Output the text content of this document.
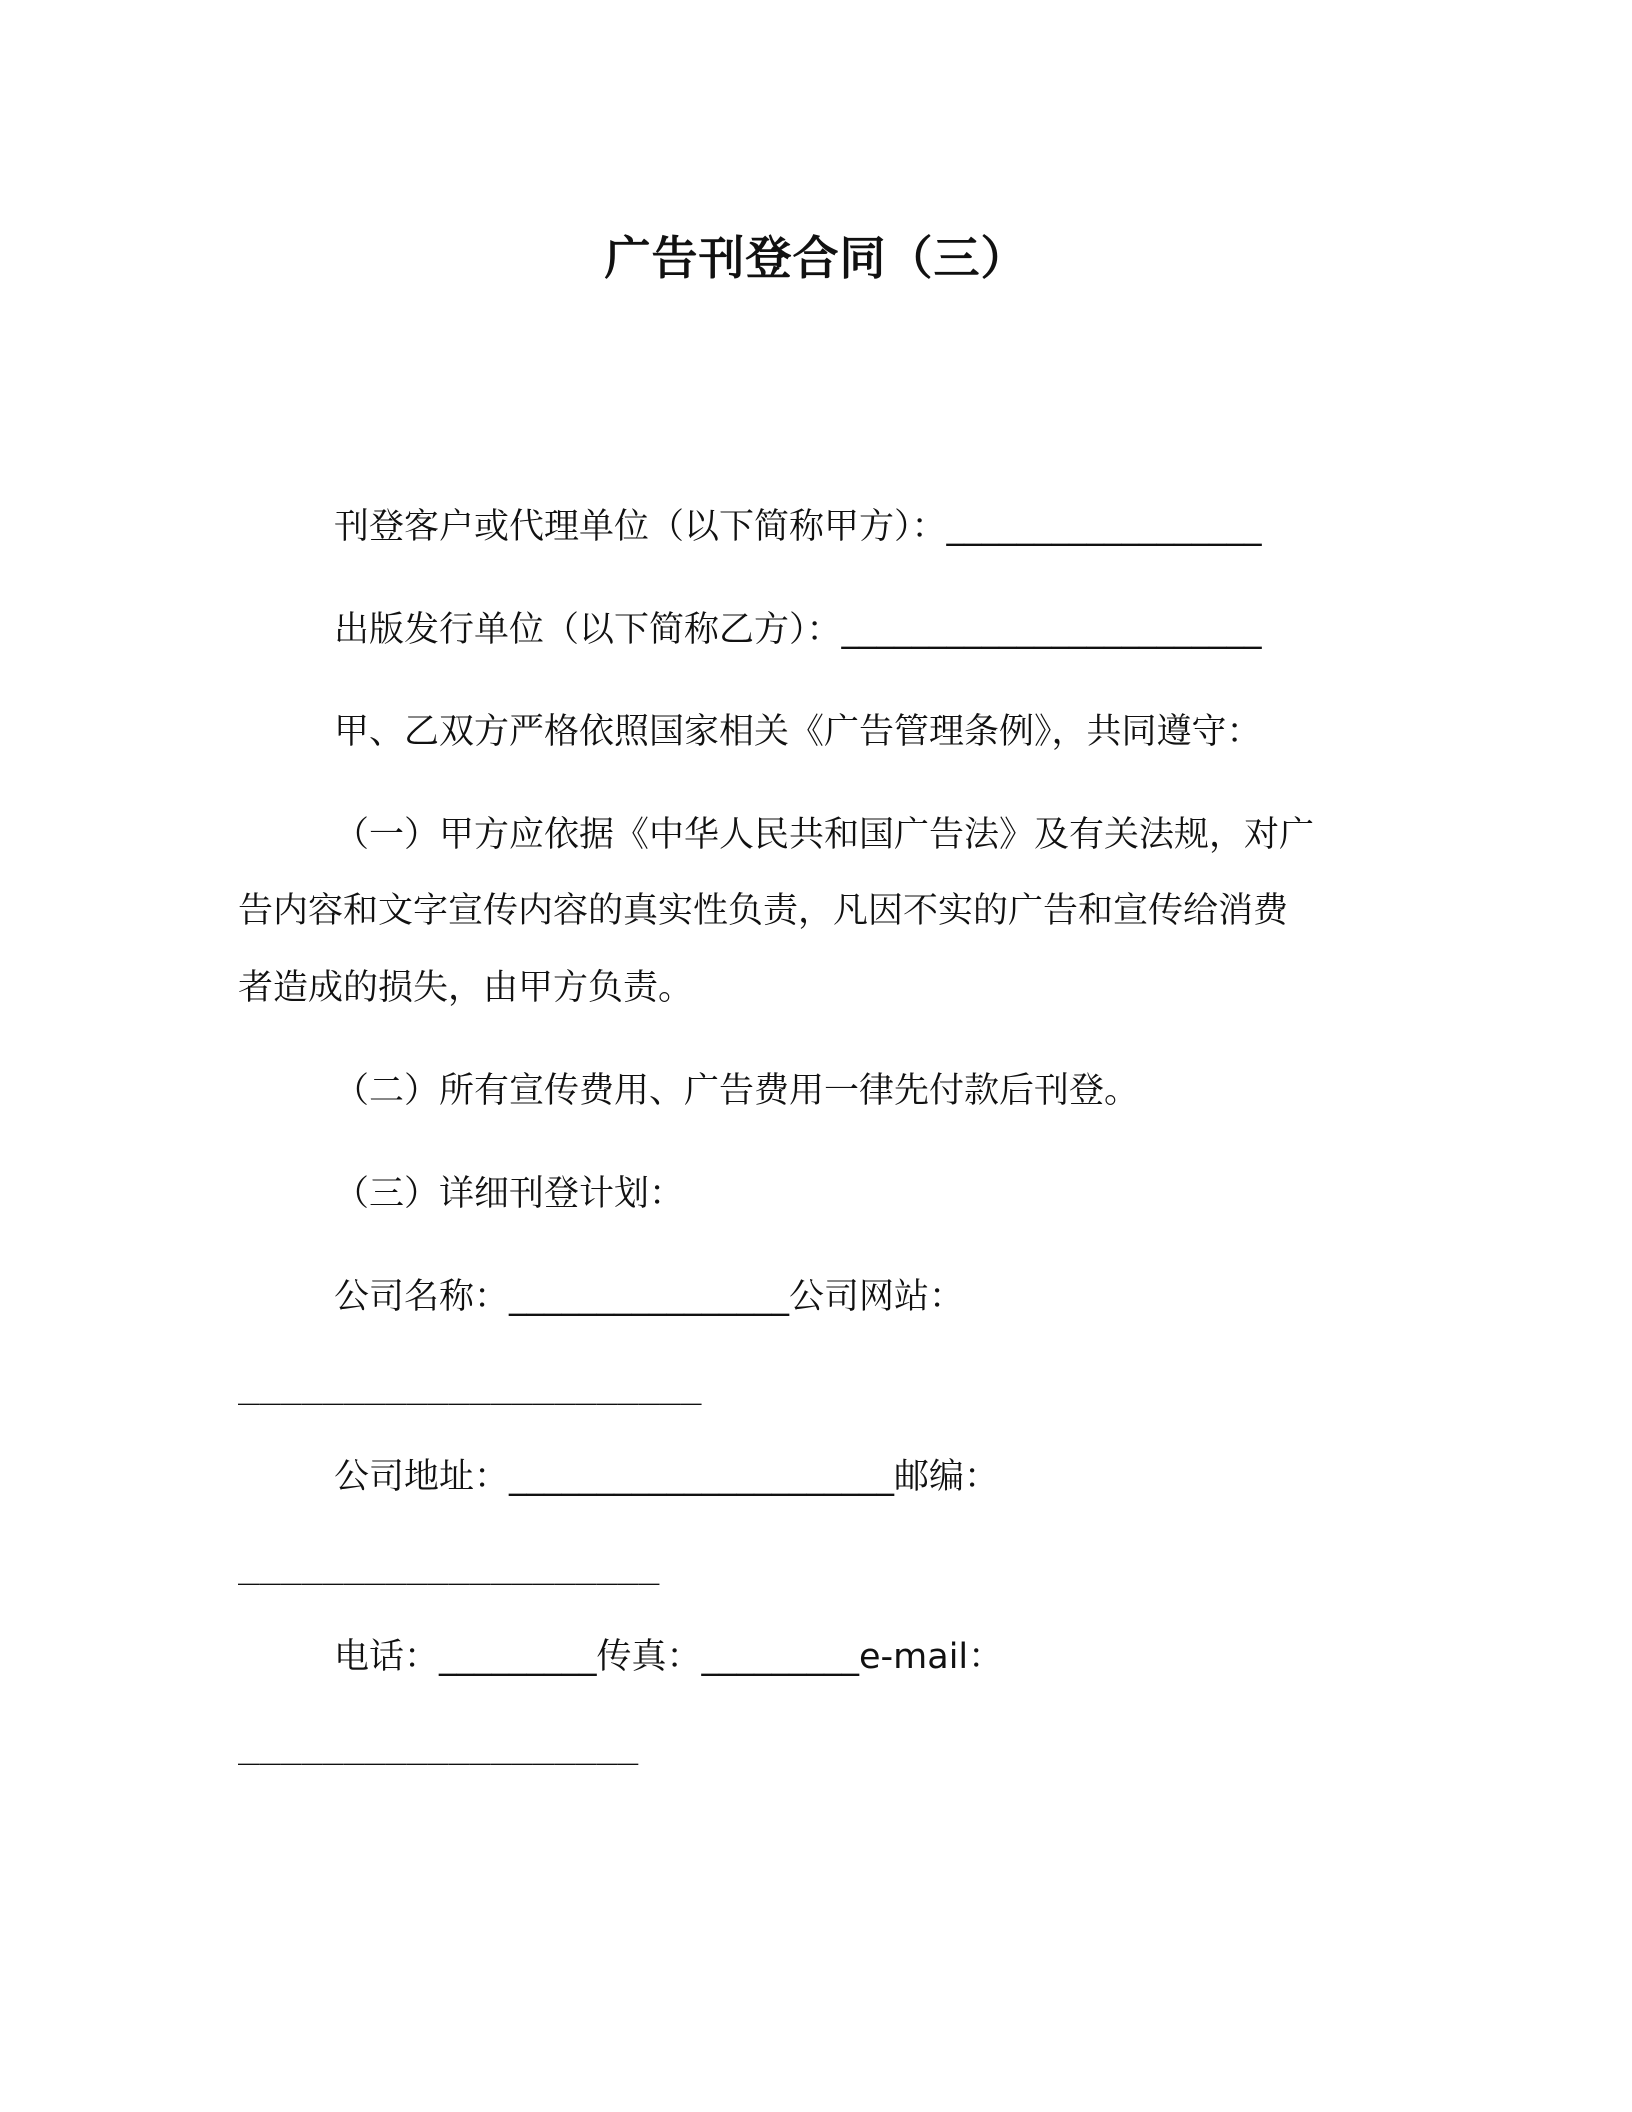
广告刊登合同（三）
刊登客户或代理单位（以下简称甲方）：__________________
出版发行单位（以下简称乙方）：________________________
甲、乙双方严格依照国家相关《广告管理条例》，共同遵守：
（一）甲方应依据《中华人民共和国广告法》及有关法规，对广
告内容和文字宣传内容的真实性负责，凡因不实的广告和宣传给消费
者造成的损失，由甲方负责。
（二）所有宣传费用、广告费用一律先付款后刊登。
（三）详细刊登计划：
公司名称：________________公司网站：
______________________
公司地址：______________________邮编：
____________________
电话：_________传真：_________e-mail：
___________________
